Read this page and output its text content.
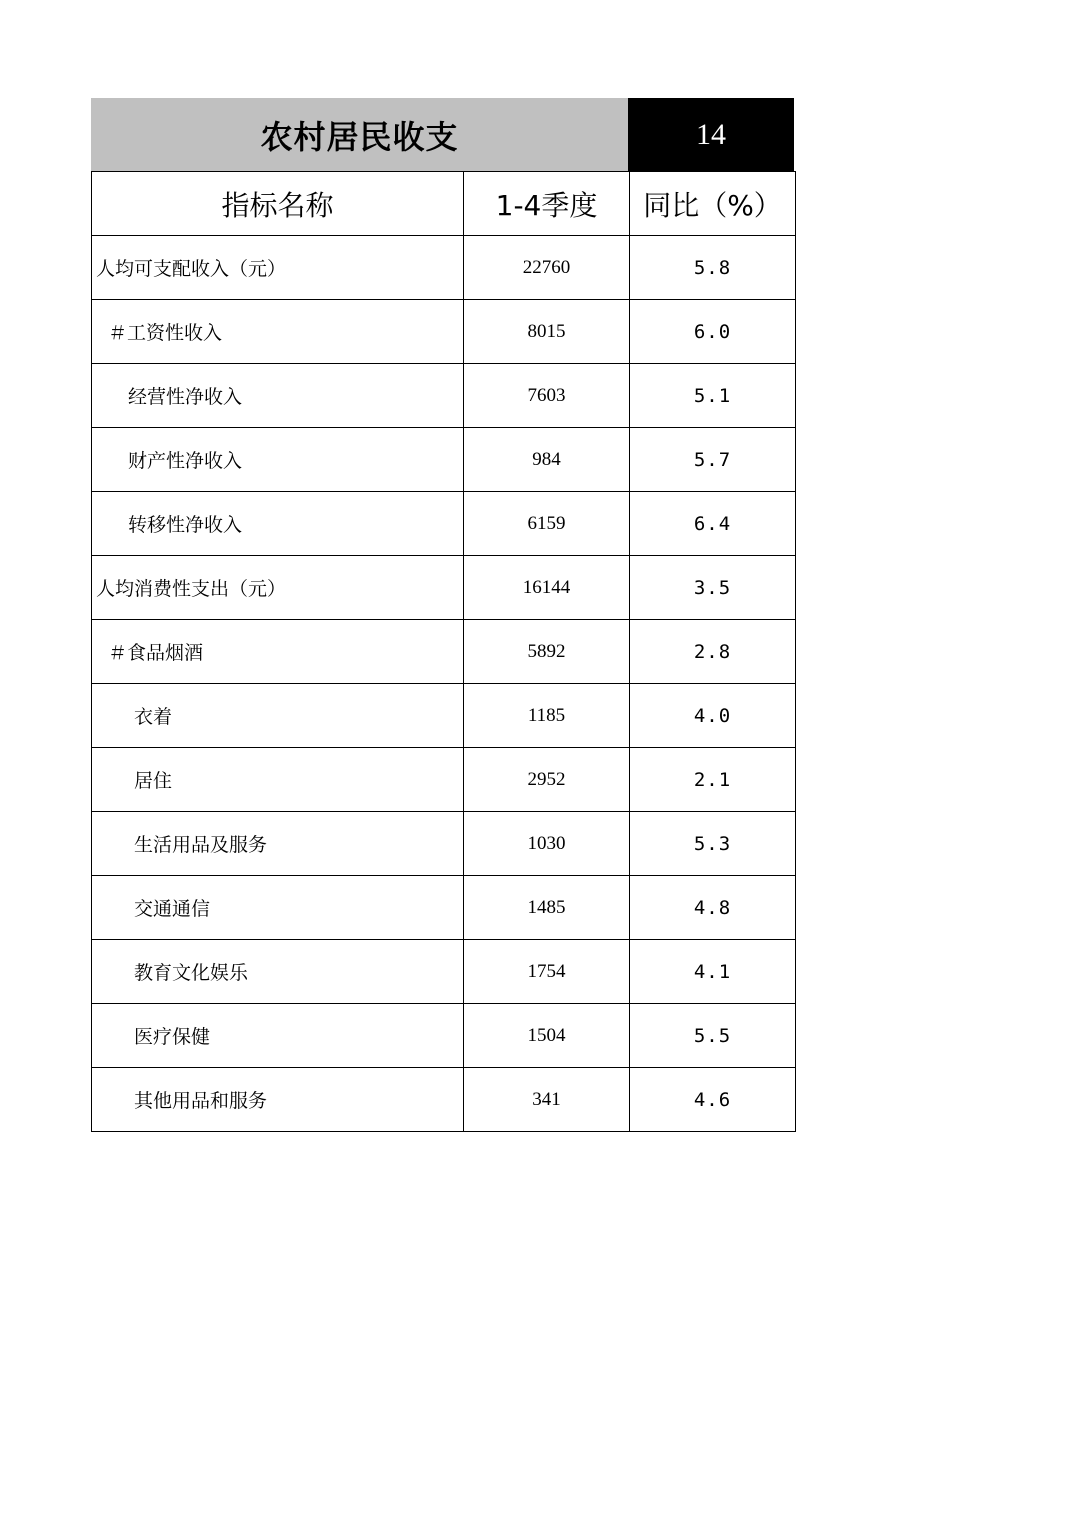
农村居民收支	14
指标名称	1-4季度	同比（%）
人均可支配收入（元）	22760	5.8
＃工资性收入	8015	6.0
经营性净收入	7603	5.1
财产性净收入	984	5.7
转移性净收入	6159	6.4
人均消费性支出（元）	16144	3.5
＃食品烟酒	5892	2.8
衣着	1185	4.0
居住	2952	2.1
生活用品及服务	1030	5.3
交通通信	1485	4.8
教育文化娱乐	1754	4.1
医疗保健	1504	5.5
其他用品和服务	341	4.6
